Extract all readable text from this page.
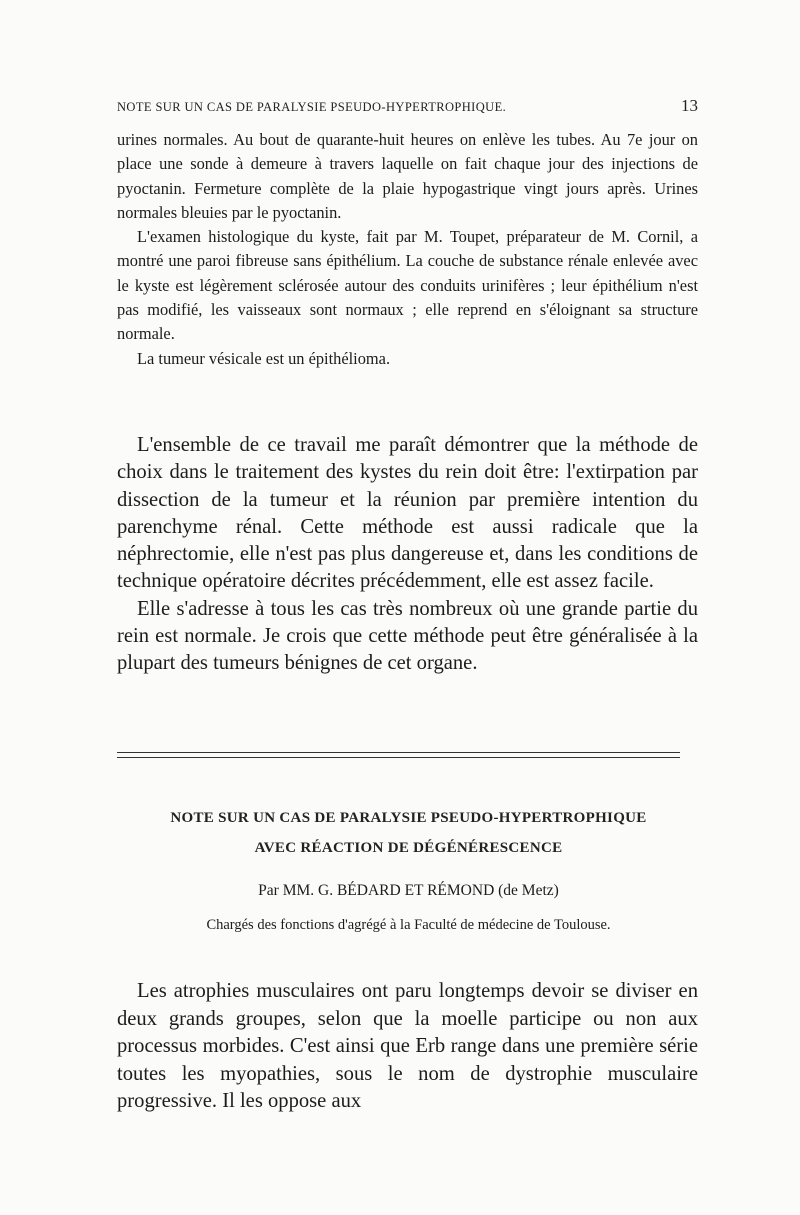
NOTE SUR UN CAS DE PARALYSIE PSEUDO-HYPERTROPHIQUE.	13

urines normales. Au bout de quarante-huit heures on enlève les tubes. Au 7e jour on place une sonde à demeure à travers laquelle on fait chaque jour des injections de pyoctanin. Fermeture complète de la plaie hypogastrique vingt jours après. Urines normales bleuies par le pyoctanin.

L'examen histologique du kyste, fait par M. Toupet, préparateur de M. Cornil, a montré une paroi fibreuse sans épithélium. La couche de substance rénale enlevée avec le kyste est légèrement sclérosée autour des conduits urinifères ; leur épithélium n'est pas modifié, les vaisseaux sont normaux ; elle reprend en s'éloignant sa structure normale.

La tumeur vésicale est un épithélioma.

L'ensemble de ce travail me paraît démontrer que la méthode de choix dans le traitement des kystes du rein doit être: l'extirpation par dissection de la tumeur et la réunion par première intention du parenchyme rénal. Cette méthode est aussi radicale que la néphrectomie, elle n'est pas plus dangereuse et, dans les conditions de technique opératoire décrites précédemment, elle est assez facile.

Elle s'adresse à tous les cas très nombreux où une grande partie du rein est normale. Je crois que cette méthode peut être généralisée à la plupart des tumeurs bénignes de cet organe.

NOTE SUR UN CAS DE PARALYSIE PSEUDO-HYPERTROPHIQUE
AVEC RÉACTION DE DÉGÉNÉRESCENCE
Par MM. G. BÉDARD ET RÉMOND (de Metz)
Chargés des fonctions d'agrégé à la Faculté de médecine de Toulouse.

Les atrophies musculaires ont paru longtemps devoir se diviser en deux grands groupes, selon que la moelle participe ou non aux processus morbides. C'est ainsi que Erb range dans une première série toutes les myopathies, sous le nom de dystrophie musculaire progressive. Il les oppose aux
